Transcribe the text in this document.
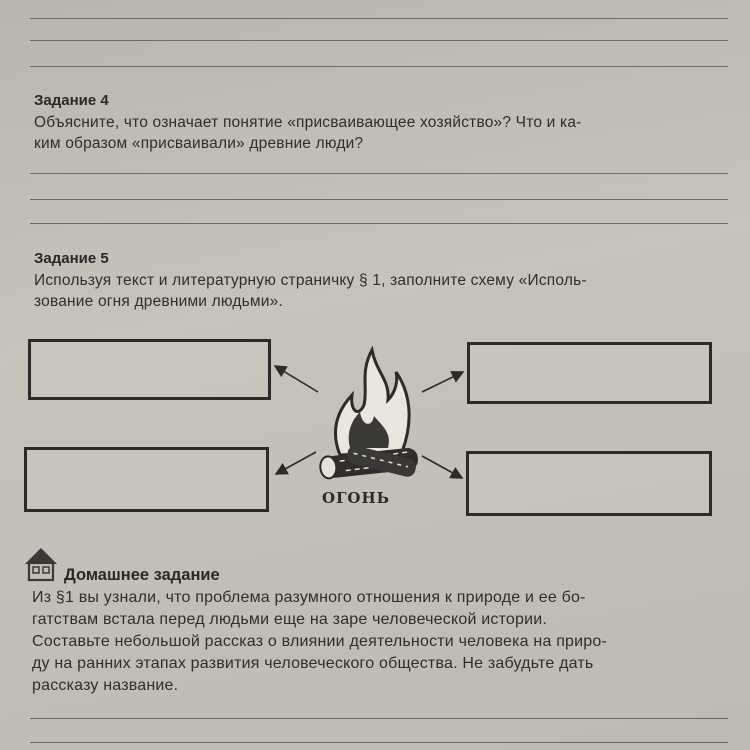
Задание 4
Объясните, что означает понятие «присваивающее хозяйство»? Что и ка-
ким образом «присваивали» древние люди?
Задание 5
Используя текст и литературную страничку § 1, заполните схему «Исполь-
зование огня древними людьми».
ОГОНЬ
Домашнее задание
Из §1 вы узнали, что проблема разумного отношения к природе и ее бо-
гатствам встала перед людьми еще на заре человеческой истории.
Составьте небольшой рассказ о влиянии деятельности человека на приро-
ду на ранних этапах развития человеческого общества. Не забудьте дать
рассказу название.
